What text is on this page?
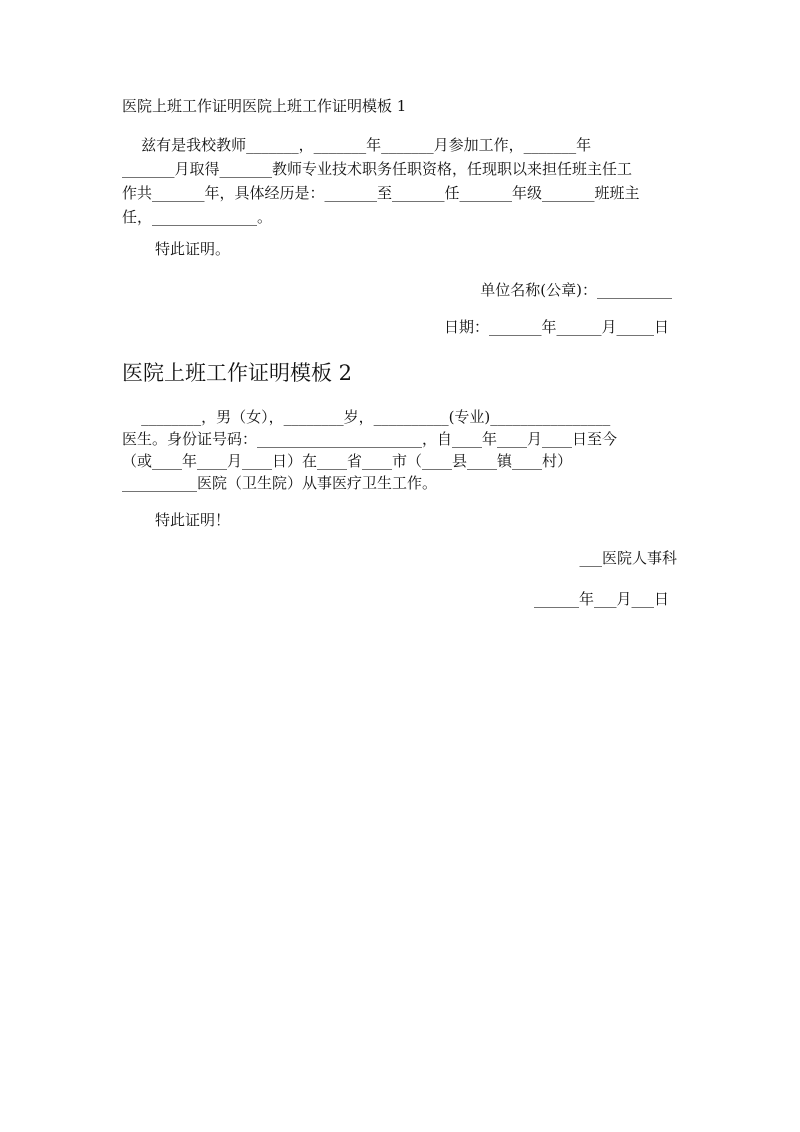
医院上班工作证明医院上班工作证明模板 1
兹有是我校教师_______，_______年_______月参加工作，_______年
_______月取得_______教师专业技术职务任职资格，任现职以来担任班主任工
作共_______年，具体经历是：_______至_______任_______年级_______班班主
任，______________。
特此证明。
单位名称(公章)：__________
日期：_______年______月_____日
医院上班工作证明模板 2
________，男（女），________岁，__________(专业)________________
医生。身份证号码：______________________，自____年____月____日至今
（或____年____月____日）在____省____市（____县____镇____村）
__________医院（卫生院）从事医疗卫生工作。
特此证明！
___医院人事科
______年___月___日
